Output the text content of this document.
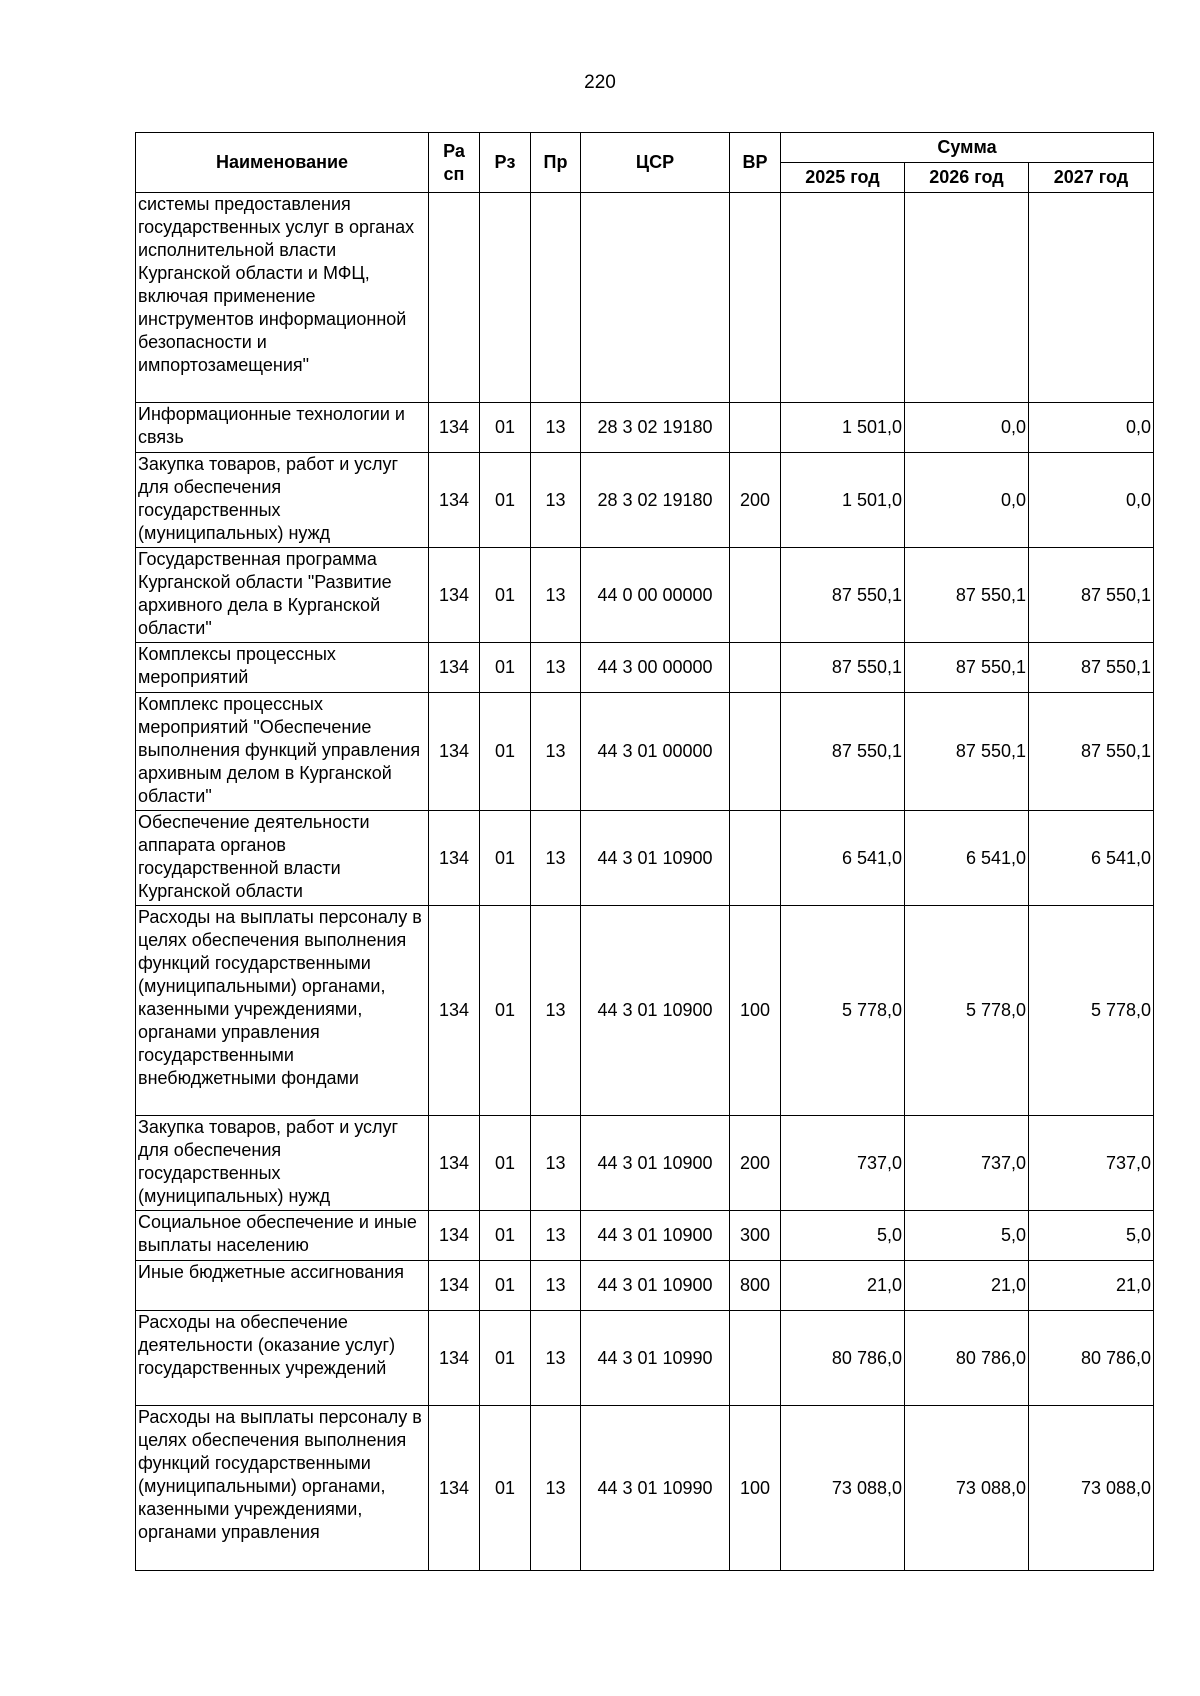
220
Наименование	Ра сп	Рз	Пр	ЦСР	ВР	Сумма		
						2025 год	2026 год	2027 год
системы предоставления государственных услуг в органах исполнительной власти Курганской области и МФЦ, включая применение инструментов информационной безопасности и импортозамещения"								
Информационные технологии и связь	134	01	13	28 3 02 19180		1 501,0	0,0	0,0
Закупка товаров, работ и услуг для обеспечения государственных (муниципальных) нужд	134	01	13	28 3 02 19180	200	1 501,0	0,0	0,0
Государственная программа Курганской области "Развитие архивного дела в Курганской области"	134	01	13	44 0 00 00000		87 550,1	87 550,1	87 550,1
Комплексы процессных мероприятий	134	01	13	44 3 00 00000		87 550,1	87 550,1	87 550,1
Комплекс процессных мероприятий "Обеспечение выполнения функций управления архивным делом в Курганской области"	134	01	13	44 3 01 00000		87 550,1	87 550,1	87 550,1
Обеспечение деятельности аппарата органов государственной власти Курганской области	134	01	13	44 3 01 10900		6 541,0	6 541,0	6 541,0
Расходы на выплаты персоналу в целях обеспечения выполнения функций государственными (муниципальными) органами, казенными учреждениями, органами управления государственными внебюджетными фондами	134	01	13	44 3 01 10900	100	5 778,0	5 778,0	5 778,0
Закупка товаров, работ и услуг для обеспечения государственных (муниципальных) нужд	134	01	13	44 3 01 10900	200	737,0	737,0	737,0
Социальное обеспечение и иные выплаты населению	134	01	13	44 3 01 10900	300	5,0	5,0	5,0
Иные бюджетные ассигнования	134	01	13	44 3 01 10900	800	21,0	21,0	21,0
Расходы на обеспечение деятельности (оказание услуг) государственных учреждений	134	01	13	44 3 01 10990		80 786,0	80 786,0	80 786,0
Расходы на выплаты персоналу в целях обеспечения выполнения функций государственными (муниципальными) органами, казенными учреждениями, органами управления	134	01	13	44 3 01 10990	100	73 088,0	73 088,0	73 088,0
